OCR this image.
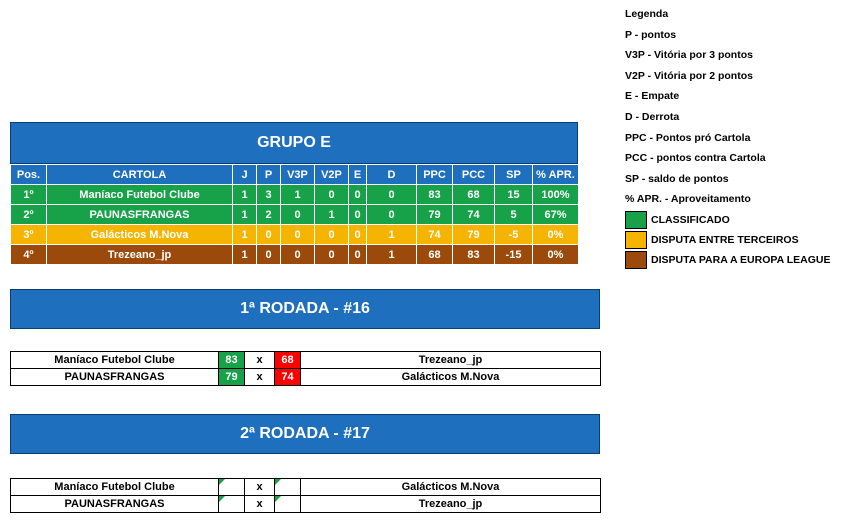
Legenda
P - pontos
V3P - Vitória por 3 pontos
V2P - Vitória por 2 pontos
E - Empate
D - Derrota
PPC - Pontos pró Cartola
PCC - pontos contra Cartola
SP - saldo de pontos
% APR. - Aproveitamento
CLASSIFICADO
DISPUTA ENTRE TERCEIROS
DISPUTA PARA A EUROPA LEAGUE
GRUPO E
Pos.	CARTOLA	J	P	V3P	V2P	E	D	PPC	PCC	SP	% APR.
1º	Maníaco Futebol Clube	1	3	1	0	0	0	83	68	15	100%
2º	PAUNASFRANGAS	1	2	0	1	0	0	79	74	5	67%
3º	Galácticos M.Nova	1	0	0	0	0	1	74	79	-5	0%
4º	Trezeano_jp	1	0	0	0	0	1	68	83	-15	0%
1ª RODADA - #16
Maníaco Futebol Clube	83	x	68	Trezeano_jp
PAUNASFRANGAS	79	x	74	Galácticos M.Nova
2ª RODADA - #17
Maníaco Futebol Clube		x		Galácticos M.Nova
PAUNASFRANGAS		x		Trezeano_jp
